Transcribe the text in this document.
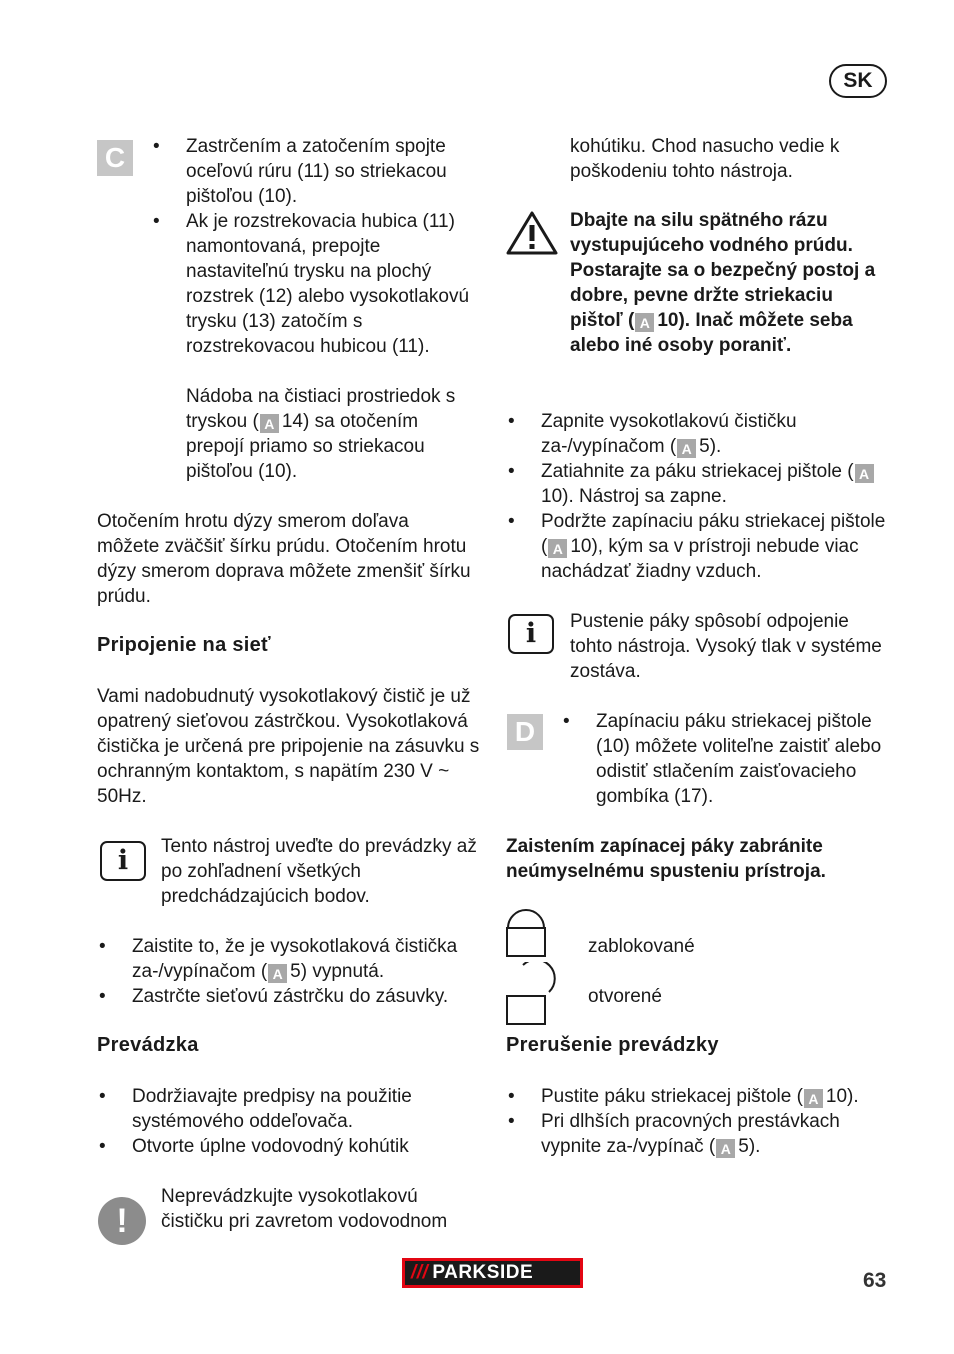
SK
C	• Zastrčením a zatočením spojte oceľovú rúru (11) so striekacou pištoľou (10).
• Ak je rozstrekovacia hubica (11) namontovaná, prepojte nastaviteľnú trysku na plochý rozstrek (12) alebo vysokotlakovú trysku (13) zatočím s rozstrekovacou hubicou (11).

Nádoba na čistiaci prostriedok s tryskou ( A 14) sa otočením prepojí priamo so striekacou pištoľou (10).

Otočením hrotu dýzy smerom doľava môžete zväčšiť šírku prúdu. Otočením hrotu dýzy smerom doprava môžete zmenšiť šírku prúdu.

Pripojenie na sieť

Vami nadobudnutý vysokotlakový čistič je už opatrený sieťovou zástrčkou. Vysokotlaková čistička je určená pre pripojenie na zásuvku s ochranným kontaktom, s napätím 230 V ~ 50Hz.

i	Tento nástroj uveďte do prevádzky až po zohľadnení všetkých predchádzajúcich bodov.

• Zaistite to, že je vysokotlaková čistička za-/vypínačom ( A 5) vypnutá.
• Zastrčte sieťovú zástrčku do zásuvky.
Prevádzka
• Dodržiavajte predpisy na použitie systémového oddeľovača.
• Otvorte úplne vodovodný kohútik
!

Neprevádzkujte vysokotlakovú čističku pri zavretom vodovodnom

kohútiku. Chod nasucho vedie k poškodeniu tohto nástroja.

Dbajte na silu spätného rázu vystupujúceho vodného prúdu. Postarajte sa o bezpečný postoj a dobre, pevne držte striekaciu pištoľ ( A 10). Inač môžete seba alebo iné osoby poraniť.

• Zapnite vysokotlakovú čističku za-/vypínačom ( A 5).
• Zatiahnite za páku striekacej pištole ( A10). Nástroj sa zapne.
• Podržte zapínaciu páku striekacej pištole ( A 10), kým sa v prístroji nebude viac nachádzať žiadny vzduch.
i	Pustenie páky spôsobí odpojenie tohto nástroja. Vysoký tlak v systéme zostáva.

D	• Zapínaciu páku striekacej pištole (10) môžete voliteľne zaistiť alebo odistiť stlačením zaisťovacieho gombíka (17).

Zaistením zapínacej páky zabránite neúmyselnému spusteniu prístroja.

zablokované
otvorené
Prerušenie prevádzky
• Pustite páku striekacej pištole ( A 10).
• Pri dlhších pracovných prestávkach vypnite za-/vypínač ( A 5).
/// PARKSIDE	63
